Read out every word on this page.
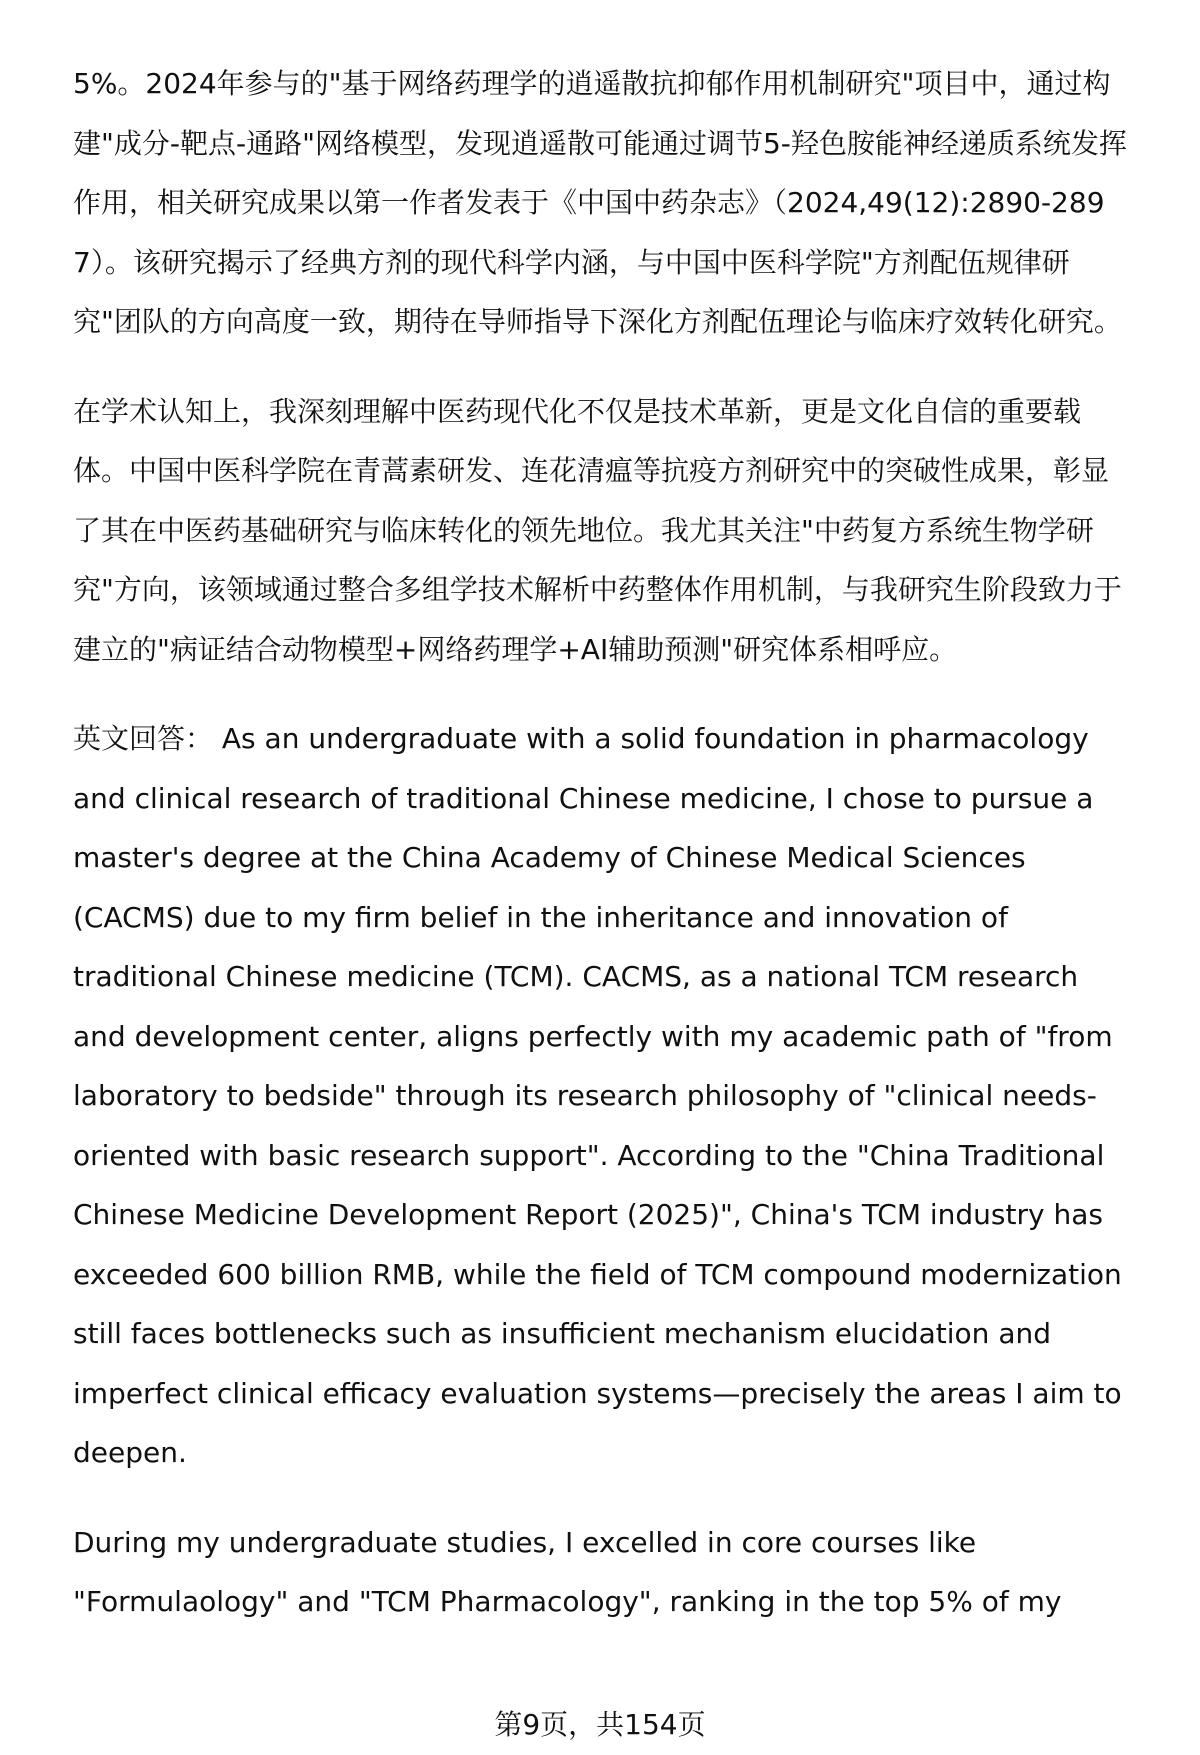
5%。2024年参与的"基于网络药理学的逍遥散抗抑郁作用机制研究"项目中，通过构建"成分-靶点-通路"网络模型，发现逍遥散可能通过调节5-羟色胺能神经递质系统发挥作用，相关研究成果以第一作者发表于《中国中药杂志》（2024,49(12):2890-2897）。该研究揭示了经典方剂的现代科学内涵，与中国中医科学院"方剂配伍规律研究"团队的方向高度一致，期待在导师指导下深化方剂配伍理论与临床疗效转化研究。

在学术认知上，我深刻理解中医药现代化不仅是技术革新，更是文化自信的重要载体。中国中医科学院在青蒿素研发、连花清瘟等抗疫方剂研究中的突破性成果，彰显了其在中医药基础研究与临床转化的领先地位。我尤其关注"中药复方系统生物学研究"方向，该领域通过整合多组学技术解析中药整体作用机制，与我研究生阶段致力于建立的"病证结合动物模型+网络药理学+AI辅助预测"研究体系相呼应。

英文回答： As an undergraduate with a solid foundation in pharmacology and clinical research of traditional Chinese medicine, I chose to pursue a master's degree at the China Academy of Chinese Medical Sciences (CACMS) due to my firm belief in the inheritance and innovation of traditional Chinese medicine (TCM). CACMS, as a national TCM research and development center, aligns perfectly with my academic path of "from laboratory to bedside" through its research philosophy of "clinical needs-oriented with basic research support". According to the "China Traditional Chinese Medicine Development Report (2025)", China's TCM industry has exceeded 600 billion RMB, while the field of TCM compound modernization still faces bottlenecks such as insufficient mechanism elucidation and imperfect clinical efficacy evaluation systems—precisely the areas I aim to deepen.

During my undergraduate studies, I excelled in core courses like "Formulaology" and "TCM Pharmacology", ranking in the top 5% of my

第9页，共154页
